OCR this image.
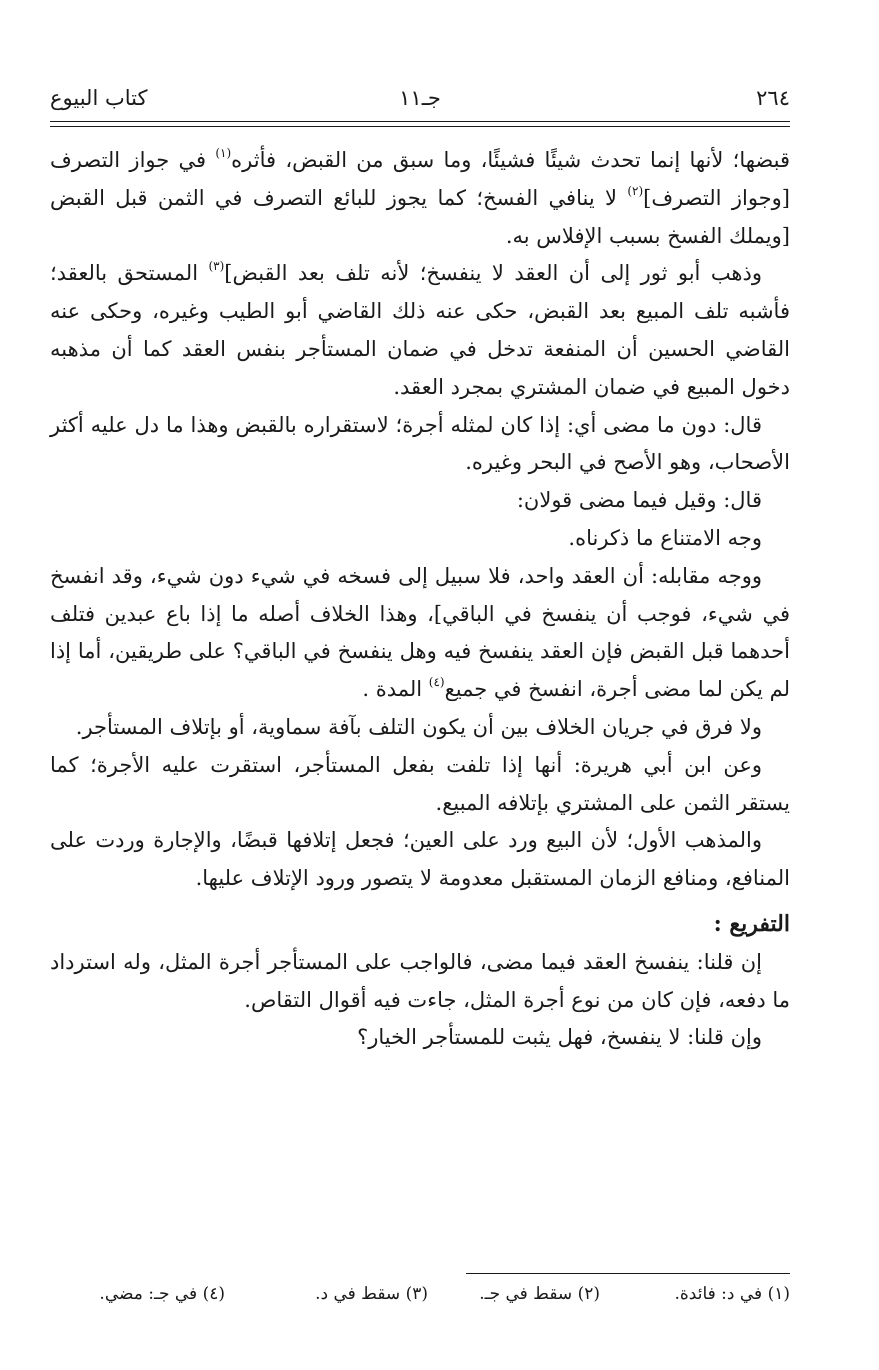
٢٦٤
جـ١١
كتاب البيوع

قبضها؛ لأنها إنما تحدث شيئًا فشيئًا، وما سبق من القبض، فأثره$^{(١)}$ في جواز التصرف [وجواز التصرف]$^{(٢)}$ لا ينافي الفسخ؛ كما يجوز للبائع التصرف في الثمن قبل القبض [ويملك الفسخ بسبب الإفلاس به.

وذهب أبو ثور إلى أن العقد لا ينفسخ؛ لأنه تلف بعد القبض]$^{(٣)}$ المستحق بالعقد؛ فأشبه تلف المبيع بعد القبض، حكى عنه ذلك القاضي أبو الطيب وغيره، وحكى عنه القاضي الحسين أن المنفعة تدخل في ضمان المستأجر بنفس العقد كما أن مذهبه دخول المبيع في ضمان المشتري بمجرد العقد.

قال: دون ما مضى أي: إذا كان لمثله أجرة؛ لاستقراره بالقبض وهذا ما دل عليه أكثر الأصحاب، وهو الأصح في البحر وغيره.

قال: وقيل فيما مضى قولان:

وجه الامتناع ما ذكرناه.

ووجه مقابله: أن العقد واحد، فلا سبيل إلى فسخه في شيء دون شيء، وقد انفسخ في شيء، فوجب أن ينفسخ في الباقي]، وهذا الخلاف أصله ما إذا باع عبدين فتلف أحدهما قبل القبض فإن العقد ينفسخ فيه وهل ينفسخ في الباقي؟ على طريقين، أما إذا لم يكن لما مضى أجرة، انفسخ في جميع$^{(٤)}$ المدة .

ولا فرق في جريان الخلاف بين أن يكون التلف بآفة سماوية، أو بإتلاف المستأجر.

وعن ابن أبي هريرة: أنها إذا تلفت بفعل المستأجر، استقرت عليه الأجرة؛ كما يستقر الثمن على المشتري بإتلافه المبيع.

والمذهب الأول؛ لأن البيع ورد على العين؛ فجعل إتلافها قبضًا، والإجارة وردت على المنافع، ومنافع الزمان المستقبل معدومة لا يتصور ورود الإتلاف عليها.

التفريع :

إن قلنا: ينفسخ العقد فيما مضى، فالواجب على المستأجر أجرة المثل، وله استرداد ما دفعه، فإن كان من نوع أجرة المثل، جاءت فيه أقوال التقاص.

وإن قلنا: لا ينفسخ، فهل يثبت للمستأجر الخيار؟

(١) في د: فائدة.
(٢) سقط في جـ.
(٣) سقط في د.
(٤) في جـ: مضي.
